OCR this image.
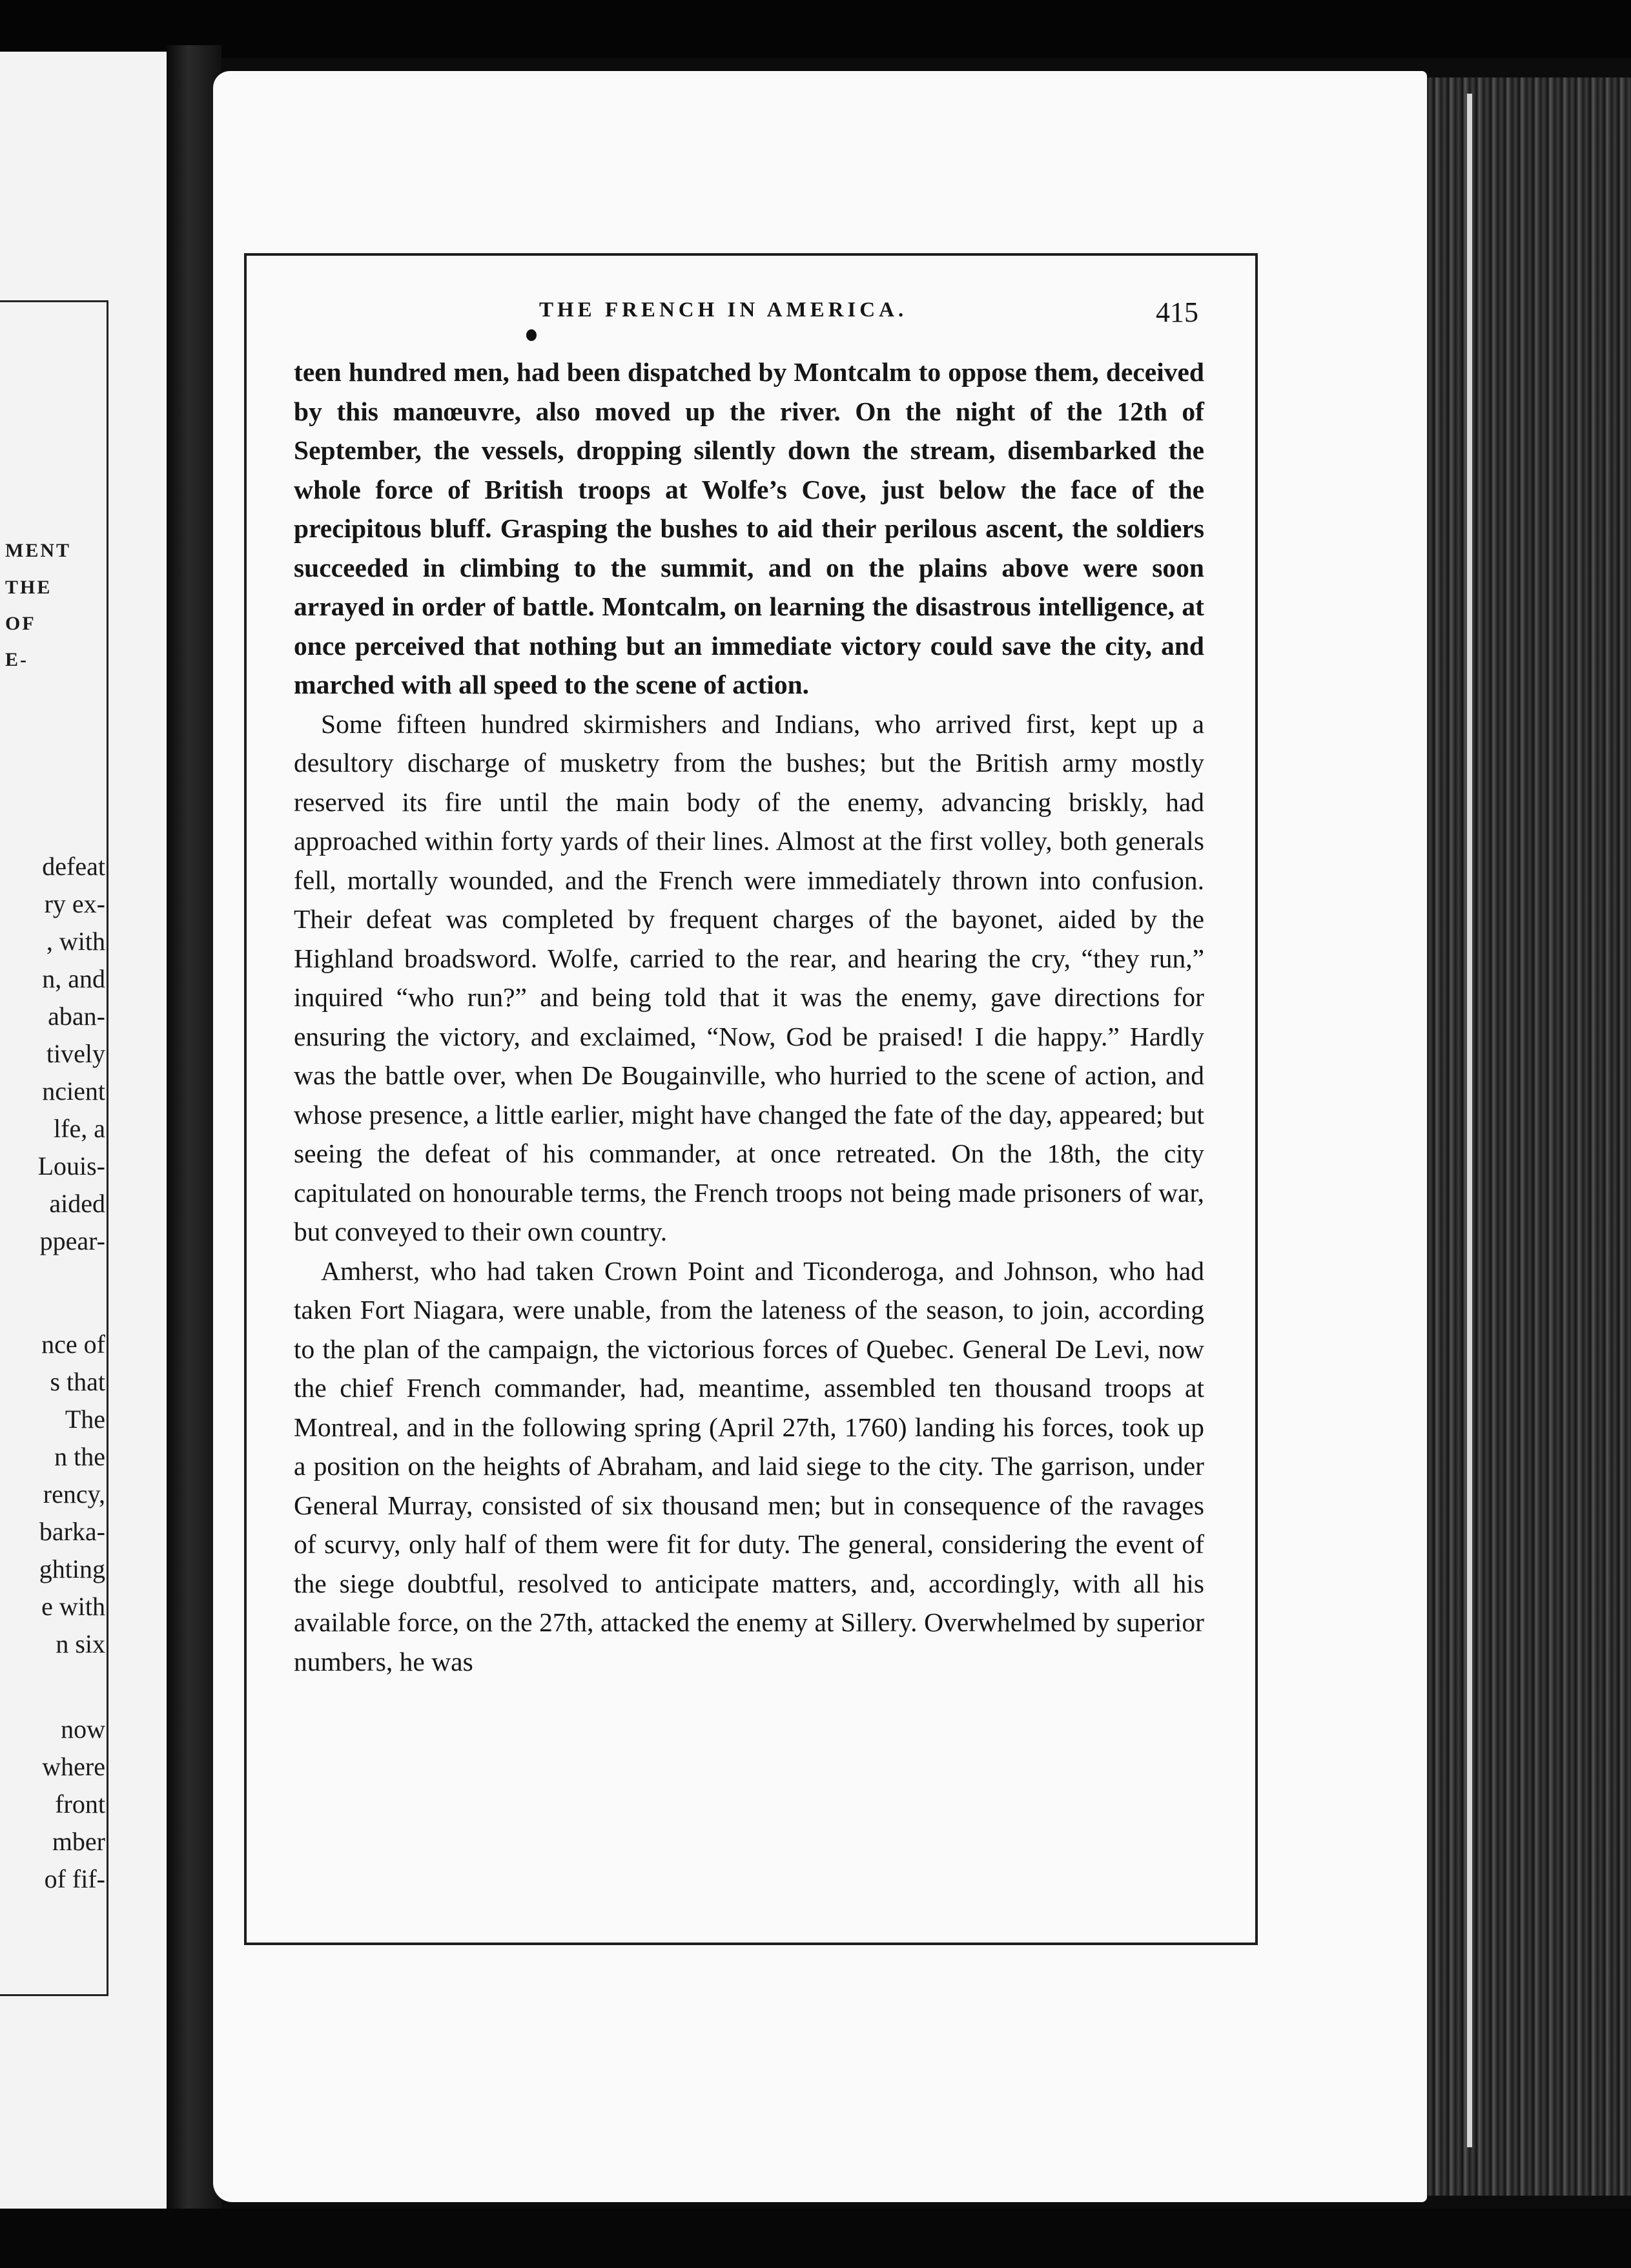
MENT
THE
OF
E-
defeat
ry ex-
, with
n, and
aban-
tively
ncient
lfe, a
Louis-
aided
ppear-
nce of
s that
The
n the
rency,
barka-
ghting
e with
n six
now
where
front
mber
of fif-
THE FRENCH IN AMERICA.	415

teen hundred men, had been dispatched by Montcalm to oppose them, deceived by this manœuvre, also moved up the river. On the night of the 12th of September, the vessels, dropping silently down the stream, disembarked the whole force of British troops at Wolfe’s Cove, just below the face of the precipitous bluff. Grasping the bushes to aid their perilous ascent, the soldiers succeeded in climbing to the summit, and on the plains above were soon arrayed in order of battle. Montcalm, on learning the disastrous intelligence, at once perceived that nothing but an immediate victory could save the city, and marched with all speed to the scene of action.

Some fifteen hundred skirmishers and Indians, who arrived first, kept up a desultory discharge of musketry from the bushes; but the British army mostly reserved its fire until the main body of the enemy, advancing briskly, had approached within forty yards of their lines. Almost at the first volley, both generals fell, mortally wounded, and the French were immediately thrown into confusion. Their defeat was completed by frequent charges of the bayonet, aided by the Highland broadsword. Wolfe, carried to the rear, and hearing the cry, “they run,” inquired “who run?” and being told that it was the enemy, gave directions for ensuring the victory, and exclaimed, “Now, God be praised! I die happy.” Hardly was the battle over, when De Bougainville, who hurried to the scene of action, and whose presence, a little earlier, might have changed the fate of the day, appeared; but seeing the defeat of his commander, at once retreated. On the 18th, the city capitulated on honourable terms, the French troops not being made prisoners of war, but conveyed to their own country.

Amherst, who had taken Crown Point and Ticonderoga, and Johnson, who had taken Fort Niagara, were unable, from the lateness of the season, to join, according to the plan of the campaign, the victorious forces of Quebec. General De Levi, now the chief French commander, had, meantime, assembled ten thousand troops at Montreal, and in the following spring (April 27th, 1760) landing his forces, took up a position on the heights of Abraham, and laid siege to the city. The garrison, under General Murray, consisted of six thousand men; but in consequence of the ravages of scurvy, only half of them were fit for duty. The general, considering the event of the siege doubtful, resolved to anticipate matters, and, accordingly, with all his available force, on the 27th, attacked the enemy at Sillery. Overwhelmed by superior numbers, he was
